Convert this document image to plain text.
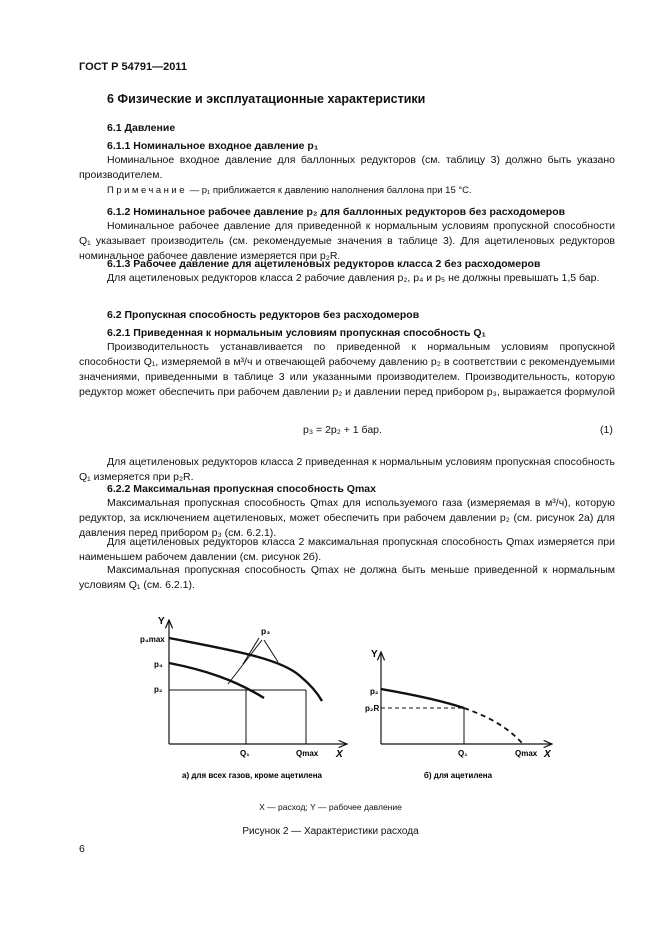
ГОСТ Р 54791—2011
6 Физические и эксплуатационные характеристики
6.1 Давление
6.1.1 Номинальное входное давление p₁
Номинальное входное давление для баллонных редукторов (см. таблицу 3) должно быть указано производителем.
Примечание — p₁ приближается к давлению наполнения баллона при 15 °С.
6.1.2 Номинальное рабочее давление p₂ для баллонных редукторов без расходомеров
Номинальное рабочее давление для приведенной к нормальным условиям пропускной способности Q₁ указывает производитель (см. рекомендуемые значения в таблице 3). Для ацетиленовых редукторов номинальное рабочее давление измеряется при p₂R.
6.1.3 Рабочее давление для ацетиленовых редукторов класса 2 без расходомеров
Для ацетиленовых редукторов класса 2 рабочие давления p₂, p₄ и p₅ не должны превышать 1,5 бар.
6.2 Пропускная способность редукторов без расходомеров
6.2.1 Приведенная к нормальным условиям пропускная способность Q₁
Производительность устанавливается по приведенной к нормальным условиям пропускной способности Q₁, измеряемой в м³/ч и отвечающей рабочему давлению p₂ в соответствии с рекомендуемыми значениями, приведенными в таблице 3 или указанными производителем. Производительность, которую редуктор может обеспечить при рабочем давлении p₂ и давлении перед прибором p₃, выражается формулой
p₃ = 2p₂ + 1 бар.	(1)
Для ацетиленовых редукторов класса 2 приведенная к нормальным условиям пропускная способность Q₁ измеряется при p₂R.
6.2.2 Максимальная пропускная способность Qmax
Максимальная пропускная способность Qmax для используемого газа (измеряемая в м³/ч), которую редуктор, за исключением ацетиленовых, может обеспечить при рабочем давлении p₂ (см. рисунок 2а) для давления перед прибором p₃ (см. 6.2.1).
Для ацетиленовых редукторов класса 2 максимальная пропускная способность Qmax измеряется при наименьшем рабочем давлении (см. рисунок 2б).
Максимальная пропускная способность Qmax не должна быть меньше приведенной к нормальным условиям Q₁ (см. 6.2.1).
Y
X
p₄max
p₄
p₂
Q₁	Qmax
p₃
а) для всех газов, кроме ацетилена
Y
X
p₂
p₂R
Q₁	Qmax
б) для ацетилена
X — расход; Y — рабочее давление
Рисунок 2 — Характеристики расхода
6
